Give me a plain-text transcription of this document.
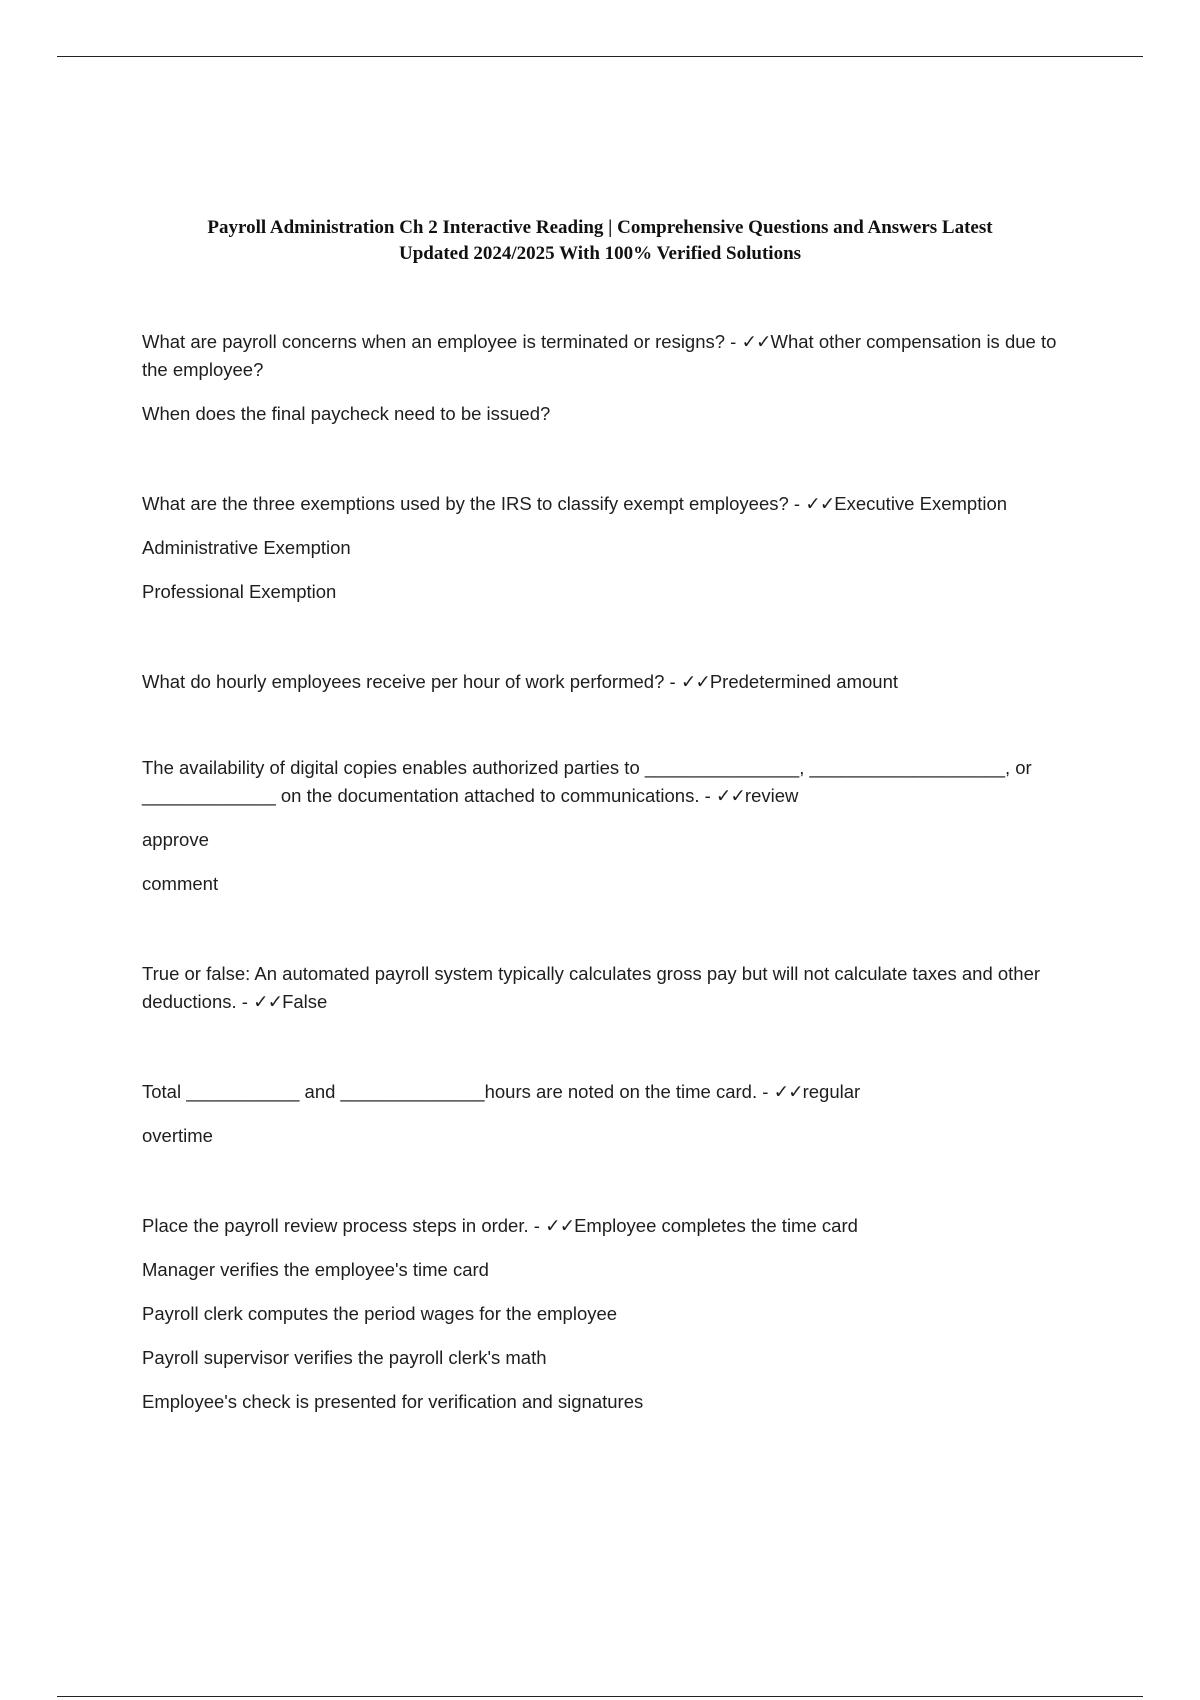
Payroll Administration Ch 2 Interactive Reading | Comprehensive Questions and Answers Latest
Updated 2024/2025 With 100% Verified Solutions

What are payroll concerns when an employee is terminated or resigns? - ✓✓What other compensation is due to the employee?

When does the final paycheck need to be issued?

What are the three exemptions used by the IRS to classify exempt employees? - ✓✓Executive Exemption

Administrative Exemption

Professional Exemption

What do hourly employees receive per hour of work performed? - ✓✓Predetermined amount

The availability of digital copies enables authorized parties to _______________, ___________________, or _____________ on the documentation attached to communications. - ✓✓review

approve

comment

True or false: An automated payroll system typically calculates gross pay but will not calculate taxes and other deductions. - ✓✓False

Total ___________ and ______________hours are noted on the time card. - ✓✓regular

overtime

Place the payroll review process steps in order. - ✓✓Employee completes the time card

Manager verifies the employee's time card

Payroll clerk computes the period wages for the employee

Payroll supervisor verifies the payroll clerk's math

Employee's check is presented for verification and signatures
